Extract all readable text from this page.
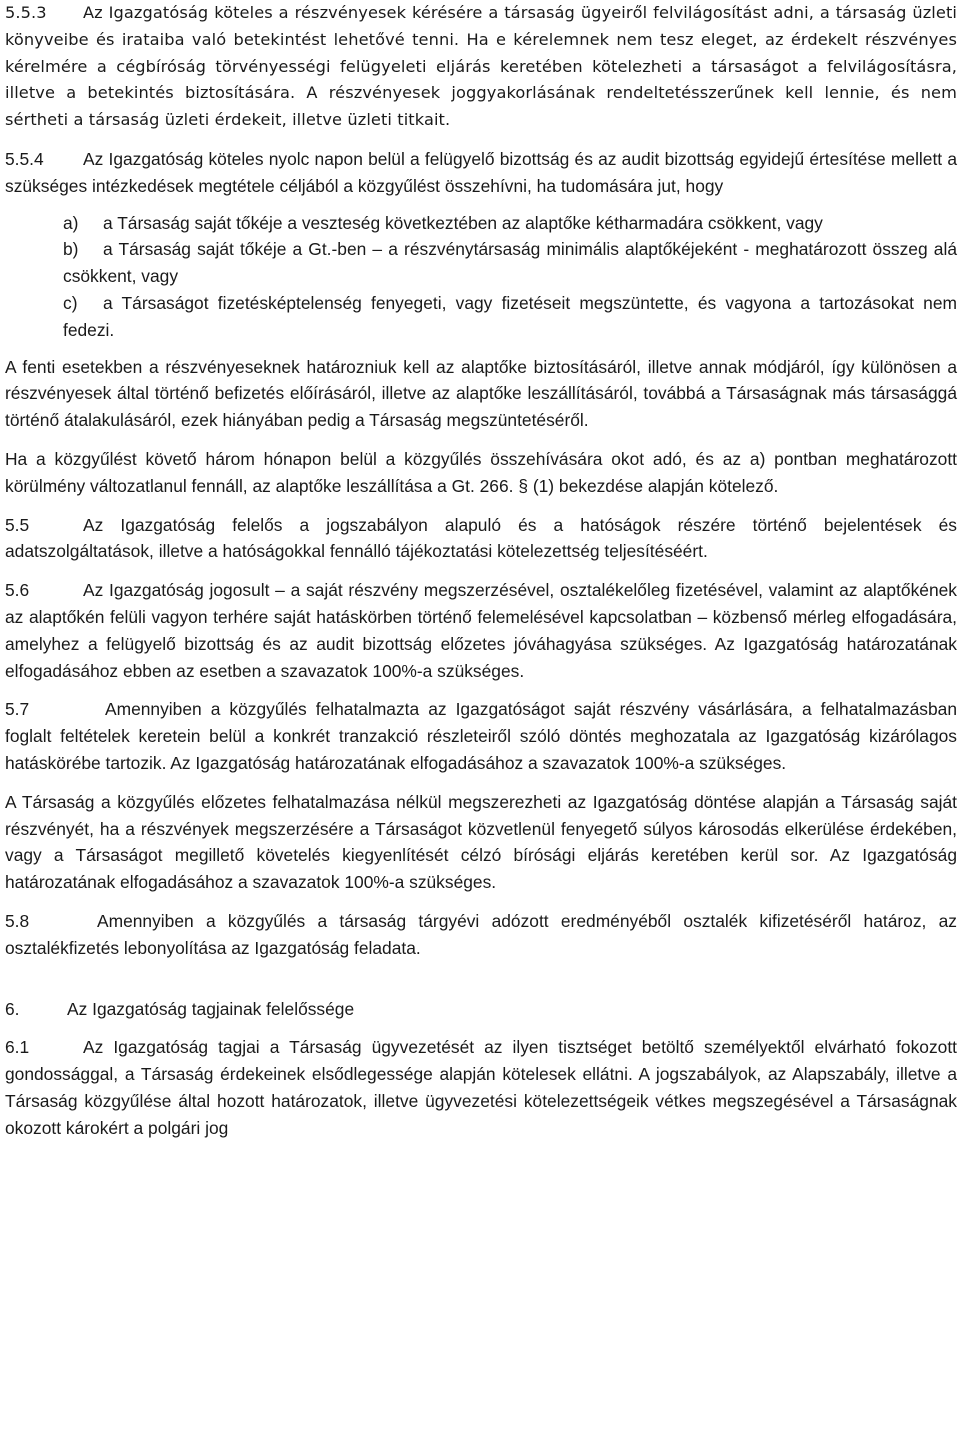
5.5.3 Az Igazgatóság köteles a részvényesek kérésére a társaság ügyeiről felvilágosítást adni, a társaság üzleti könyveibe és irataiba való betekintést lehetővé tenni. Ha e kérelemnek nem tesz eleget, az érdekelt részvényes kérelmére a cégbíróság törvényességi felügyeleti eljárás keretében kötelezheti a társaságot a felvilágosításra, illetve a betekintés biztosítására. A részvényesek joggyakorlásának rendeltetésszerűnek kell lennie, és nem sértheti a társaság üzleti érdekeit, illetve üzleti titkait.

5.5.4 Az Igazgatóság köteles nyolc napon belül a felügyelő bizottság és az audit bizottság egyidejű értesítése mellett a szükséges intézkedések megtétele céljából a közgyűlést összehívni, ha tudomására jut, hogy

a) a Társaság saját tőkéje a veszteség következtében az alaptőke kétharmadára csökkent, vagy

b) a Társaság saját tőkéje a Gt.-ben – a részvénytársaság minimális alaptőkéjeként - meghatározott összeg alá csökkent, vagy

c) a Társaságot fizetésképtelenség fenyegeti, vagy fizetéseit megszüntette, és vagyona a tartozásokat nem fedezi.

A fenti esetekben a részvényeseknek határozniuk kell az alaptőke biztosításáról, illetve annak módjáról, így különösen a részvényesek által történő befizetés előírásáról, illetve az alaptőke leszállításáról, továbbá a Társaságnak más társasággá történő átalakulásáról, ezek hiányában pedig a Társaság megszüntetéséről.

Ha a közgyűlést követő három hónapon belül a közgyűlés összehívására okot adó, és az a) pontban meghatározott körülmény változatlanul fennáll, az alaptőke leszállítása a Gt. 266. § (1) bekezdése alapján kötelező.

5.5	Az Igazgatóság felelős a jogszabályon alapuló és a hatóságok részére történő bejelentések és adatszolgáltatások, illetve a hatóságokkal fennálló tájékoztatási kötelezettség teljesítéséért.

5.6	Az Igazgatóság jogosult – a saját részvény megszerzésével, osztalékelőleg fizetésével, valamint az alaptőkének az alaptőkén felüli vagyon terhére saját hatáskörben történő felemelésével kapcsolatban – közbenső mérleg elfogadására, amelyhez a felügyelő bizottság és az audit bizottság előzetes jóváhagyása szükséges. Az Igazgatóság határozatának elfogadásához ebben az esetben a szavazatok 100%-a szükséges.

5.7	Amennyiben a közgyűlés felhatalmazta az Igazgatóságot saját részvény vásárlására, a felhatalmazásban foglalt feltételek keretein belül a konkrét tranzakció részleteiről szóló döntés meghozatala az Igazgatóság kizárólagos hatáskörébe tartozik. Az Igazgatóság határozatának elfogadásához a szavazatok 100%-a szükséges.

A Társaság a közgyűlés előzetes felhatalmazása nélkül megszerezheti az Igazgatóság döntése alapján a Társaság saját részvényét, ha a részvények megszerzésére a Társaságot közvetlenül fenyegető súlyos károsodás elkerülése érdekében, vagy a Társaságot megillető követelés kiegyenlítését célzó bírósági eljárás keretében kerül sor. Az Igazgatóság határozatának elfogadásához a szavazatok 100%-a szükséges.

5.8	Amennyiben a közgyűlés a társaság tárgyévi adózott eredményéből osztalék kifizetéséről határoz, az osztalékfizetés lebonyolítása az Igazgatóság feladata.

6.	Az Igazgatóság tagjainak felelőssége

6.1	Az Igazgatóság tagjai a Társaság ügyvezetését az ilyen tisztséget betöltő személyektől elvárható fokozott gondossággal, a Társaság érdekeinek elsődlegessége alapján kötelesek ellátni. A jogszabályok, az Alapszabály, illetve a Társaság közgyűlése által hozott határozatok, illetve ügyvezetési kötelezettségeik vétkes megszegésével a Társaságnak okozott károkért a polgári jog
